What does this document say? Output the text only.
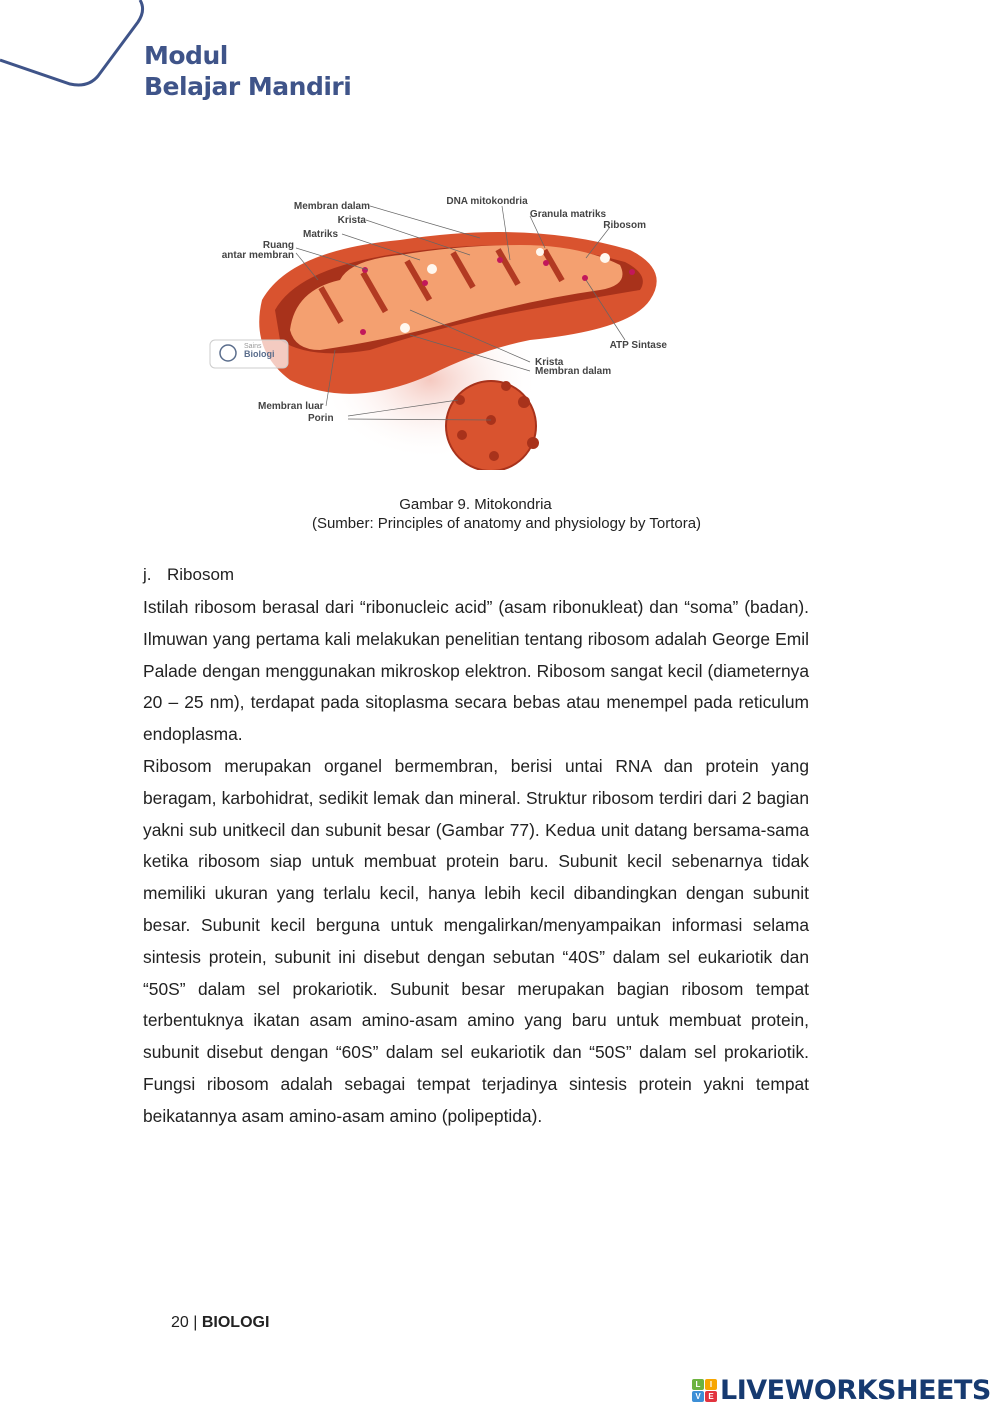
Modul
Belajar Mandiri
Sains
Biologi
Membran dalam
Krista
Matriks
Ruang
antar membran
DNA mitokondria
Granula matriks
Ribosom
ATP Sintase
Krista
Membran dalam
Membran luar
Porin
Gambar 9. Mitokondria
(Sumber: Principles of anatomy and physiology by Tortora)
j. Ribosom

Istilah ribosom berasal dari “ribonucleic acid” (asam ribonukleat) dan “soma” (badan). Ilmuwan yang pertama kali melakukan penelitian tentang ribosom adalah George Emil Palade dengan menggunakan mikroskop elektron. Ribosom sangat kecil (diameternya 20 – 25 nm), terdapat pada sitoplasma secara bebas atau menempel pada reticulum endoplasma.

Ribosom merupakan organel bermembran, berisi untai RNA dan protein yang beragam, karbohidrat, sedikit lemak dan mineral. Struktur ribosom terdiri dari 2 bagian yakni sub unitkecil dan subunit besar (Gambar 77). Kedua unit datang bersama-sama ketika ribosom siap untuk membuat protein baru. Subunit kecil sebenarnya tidak memiliki ukuran yang terlalu kecil, hanya lebih kecil dibandingkan dengan subunit besar. Subunit kecil berguna untuk mengalirkan/menyampaikan informasi selama sintesis protein, subunit ini disebut dengan sebutan “40S” dalam sel eukariotik dan “50S” dalam sel prokariotik. Subunit besar merupakan bagian ribosom tempat terbentuknya ikatan asam amino-asam amino yang baru untuk membuat protein, subunit disebut dengan “60S” dalam sel eukariotik dan “50S” dalam sel prokariotik. Fungsi ribosom adalah sebagai tempat terjadinya sintesis protein yakni tempat beikatannya asam amino-asam amino (polipeptida).

20 | BIOLOGI
L	I
V E LIVEWORKSHEETS
